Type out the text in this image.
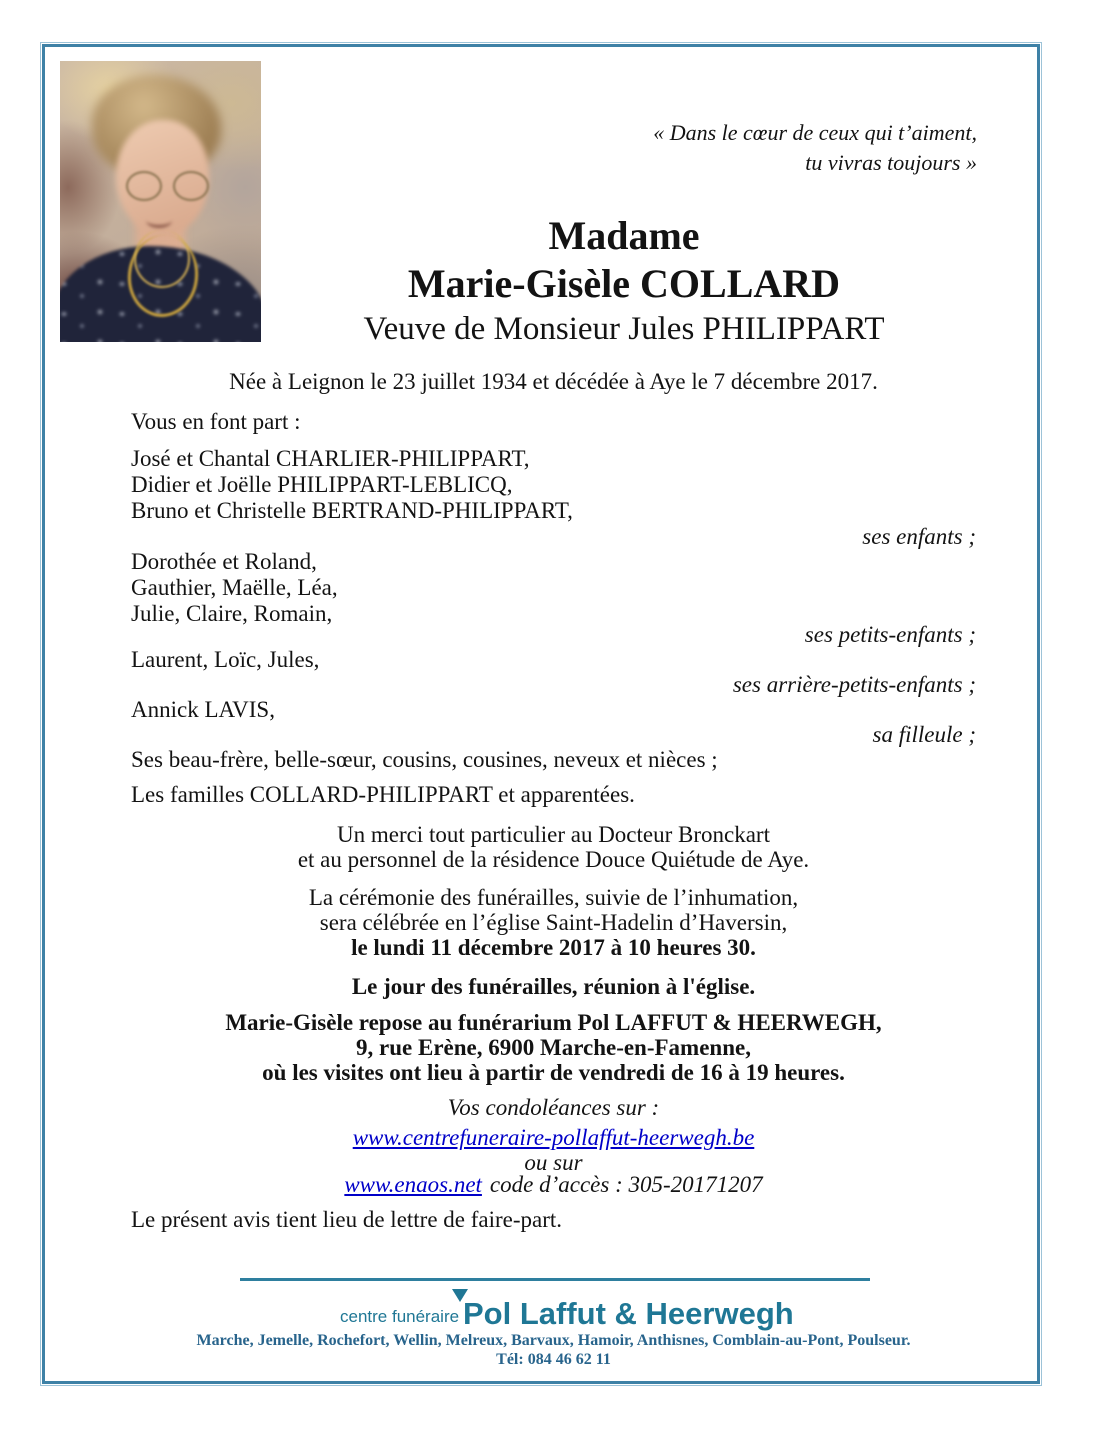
« Dans le cœur de ceux qui t’aiment,
tu vivras toujours »
Madame
Marie-Gisèle COLLARD
Veuve de Monsieur Jules PHILIPPART
Née à Leignon le 23 juillet 1934 et décédée à Aye le 7 décembre 2017.
Vous en font part :
José et Chantal CHARLIER-PHILIPPART,
Didier et Joëlle PHILIPPART-LEBLICQ,
Bruno et Christelle BERTRAND-PHILIPPART,
ses enfants ;
Dorothée et Roland,
Gauthier, Maëlle, Léa,
Julie, Claire, Romain,
ses petits-enfants ;
Laurent, Loïc, Jules,
ses arrière-petits-enfants ;
Annick LAVIS,
sa filleule ;
Ses beau-frère, belle-sœur, cousins, cousines, neveux et nièces ;
Les familles COLLARD-PHILIPPART et apparentées.
Un merci tout particulier au Docteur Bronckart
et au personnel de la résidence Douce Quiétude de Aye.
La cérémonie des funérailles, suivie de l’inhumation,
sera célébrée en l’église Saint-Hadelin d’Haversin,
le lundi 11 décembre 2017 à 10 heures 30.
Le jour des funérailles, réunion à l'église.
Marie-Gisèle repose au funérarium Pol LAFFUT & HEERWEGH,
9, rue Erène, 6900 Marche-en-Famenne,
où les visites ont lieu à partir de vendredi de 16 à 19 heures.
Vos condoléances sur :
www.centrefuneraire-pollaffut-heerwegh.be
ou sur
www.enaos.net code d’accès : 305-20171207
Le présent avis tient lieu de lettre de faire-part.
centre funéraire Pol Laffut & Heerwegh
Marche, Jemelle, Rochefort, Wellin, Melreux, Barvaux, Hamoir, Anthisnes, Comblain-au-Pont, Poulseur.
Tél: 084 46 62 11
